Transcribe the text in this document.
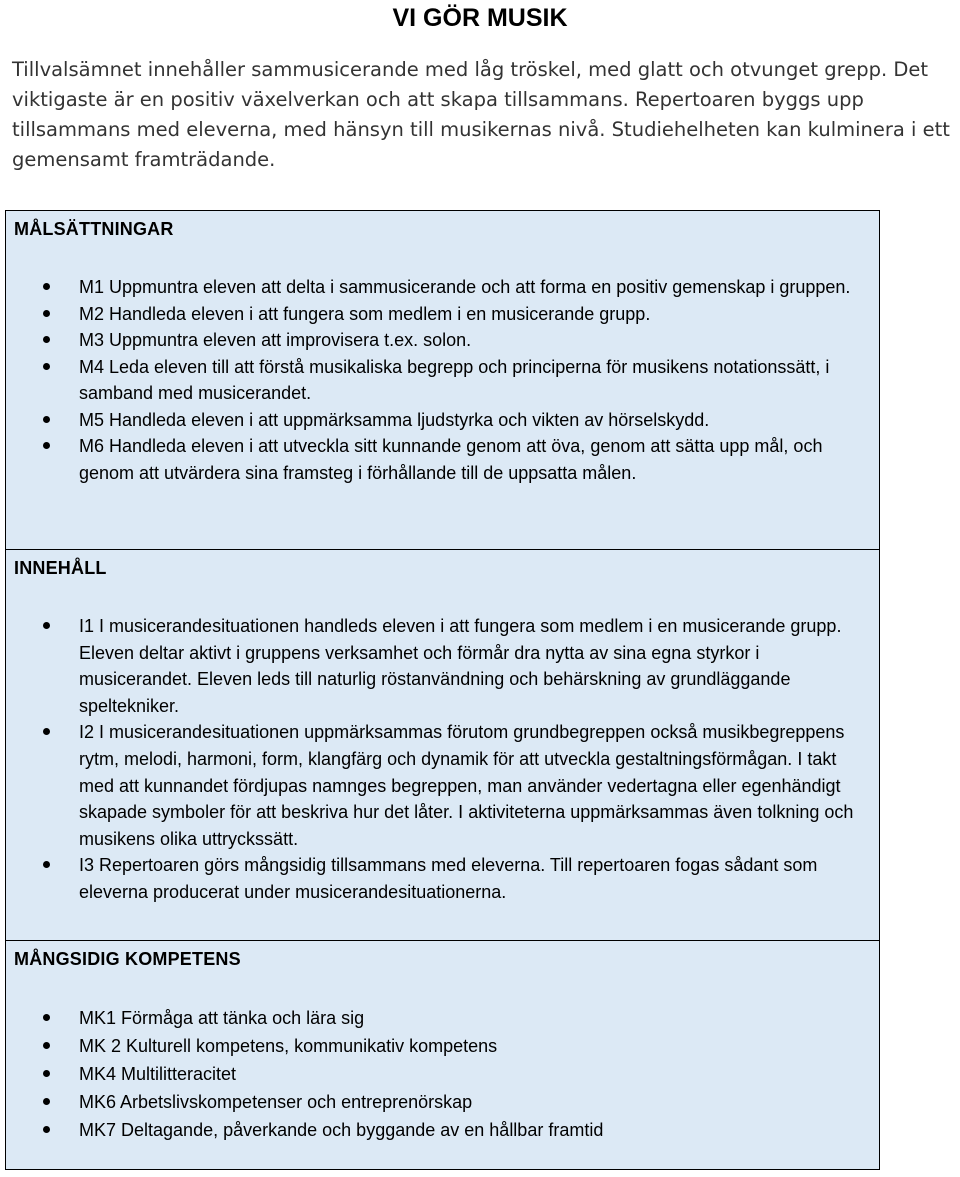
VI GÖR MUSIK

Tillvalsämnet innehåller sammusicerande med låg tröskel, med glatt och otvunget grepp. Det viktigaste är en positiv växelverkan och att skapa tillsammans. Repertoaren byggs upp tillsammans med eleverna, med hänsyn till musikernas nivå. Studiehelheten kan kulminera i ett gemensamt framträdande.

MÅLSÄTTNINGAR
M1 Uppmuntra eleven att delta i sammusicerande och att forma en positiv gemenskap i gruppen.
M2 Handleda eleven i att fungera som medlem i en musicerande grupp.
M3 Uppmuntra eleven att improvisera t.ex. solon.
M4 Leda eleven till att förstå musikaliska begrepp och principerna för musikens notationssätt, i samband med musicerandet.
M5 Handleda eleven i att uppmärksamma ljudstyrka och vikten av hörselskydd.
M6 Handleda eleven i att utveckla sitt kunnande genom att öva, genom att sätta upp mål, och genom att utvärdera sina framsteg i förhållande till de uppsatta målen.
INNEHÅLL
I1 I musicerandesituationen handleds eleven i att fungera som medlem i en musicerande grupp. Eleven deltar aktivt i gruppens verksamhet och förmår dra nytta av sina egna styrkor i musicerandet. Eleven leds till naturlig röstanvändning och behärskning av grundläggande speltekniker.
I2 I musicerandesituationen uppmärksammas förutom grundbegreppen också musikbegreppens rytm, melodi, harmoni, form, klangfärg och dynamik för att utveckla gestaltningsförmågan. I takt med att kunnandet fördjupas namnges begreppen, man använder vedertagna eller egenhändigt skapade symboler för att beskriva hur det låter. I aktiviteterna uppmärksammas även tolkning och musikens olika uttryckssätt.
I3 Repertoaren görs mångsidig tillsammans med eleverna. Till repertoaren fogas sådant som eleverna producerat under musicerandesituationerna.
MÅNGSIDIG KOMPETENS
MK1 Förmåga att tänka och lära sig
MK 2 Kulturell kompetens, kommunikativ kompetens
MK4 Multilitteracitet
MK6 Arbetslivskompetenser och entreprenörskap
MK7 Deltagande, påverkande och byggande av en hållbar framtid
